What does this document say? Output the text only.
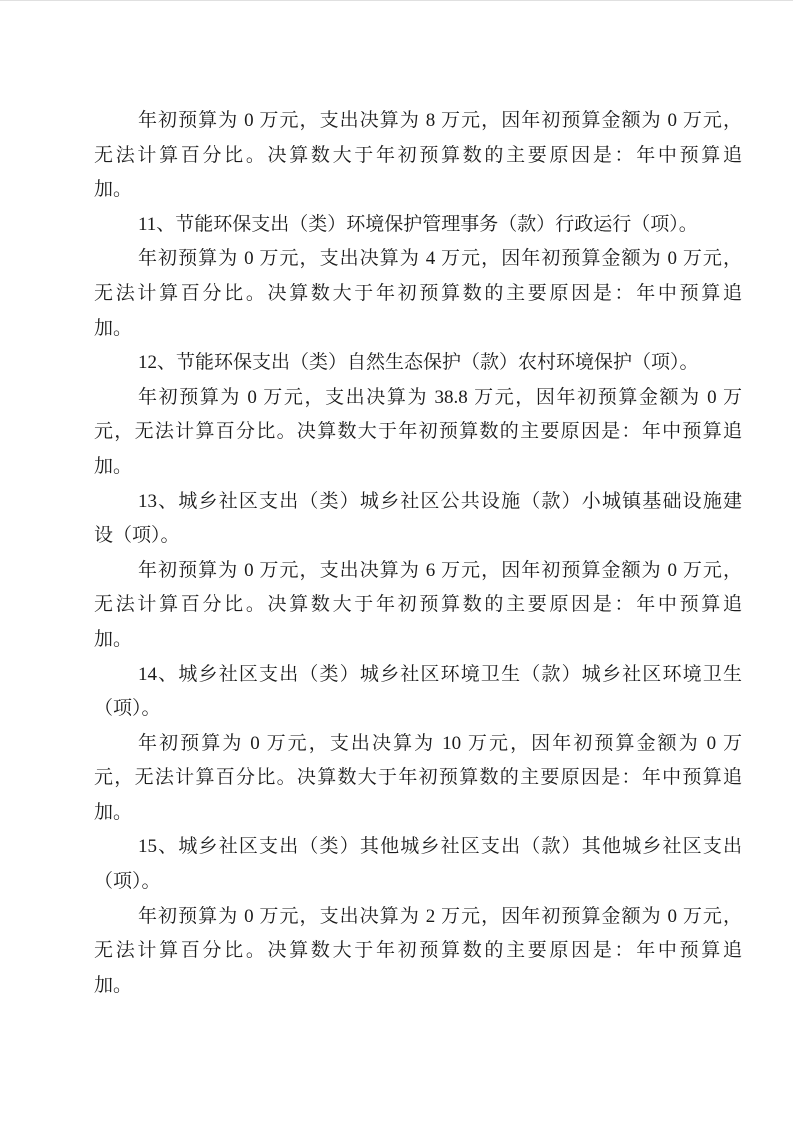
年初预算为 0 万元，支出决算为 8 万元，因年初预算金额为 0 万元，
无法计算百分比。决算数大于年初预算数的主要原因是：年中预算追
加。
11、节能环保支出（类）环境保护管理事务（款）行政运行（项）。
年初预算为 0 万元，支出决算为 4 万元，因年初预算金额为 0 万元，
无法计算百分比。决算数大于年初预算数的主要原因是：年中预算追
加。
12、节能环保支出（类）自然生态保护（款）农村环境保护（项）。
年初预算为 0 万元，支出决算为 38.8 万元，因年初预算金额为 0 万
元，无法计算百分比。决算数大于年初预算数的主要原因是：年中预算追
加。
13、城乡社区支出（类）城乡社区公共设施（款）小城镇基础设施建
设（项）。
年初预算为 0 万元，支出决算为 6 万元，因年初预算金额为 0 万元，
无法计算百分比。决算数大于年初预算数的主要原因是：年中预算追
加。
14、城乡社区支出（类）城乡社区环境卫生（款）城乡社区环境卫生
（项）。
年初预算为 0 万元，支出决算为 10 万元，因年初预算金额为 0 万
元，无法计算百分比。决算数大于年初预算数的主要原因是：年中预算追
加。
15、城乡社区支出（类）其他城乡社区支出（款）其他城乡社区支出
（项）。
年初预算为 0 万元，支出决算为 2 万元，因年初预算金额为 0 万元，
无法计算百分比。决算数大于年初预算数的主要原因是：年中预算追
加。
